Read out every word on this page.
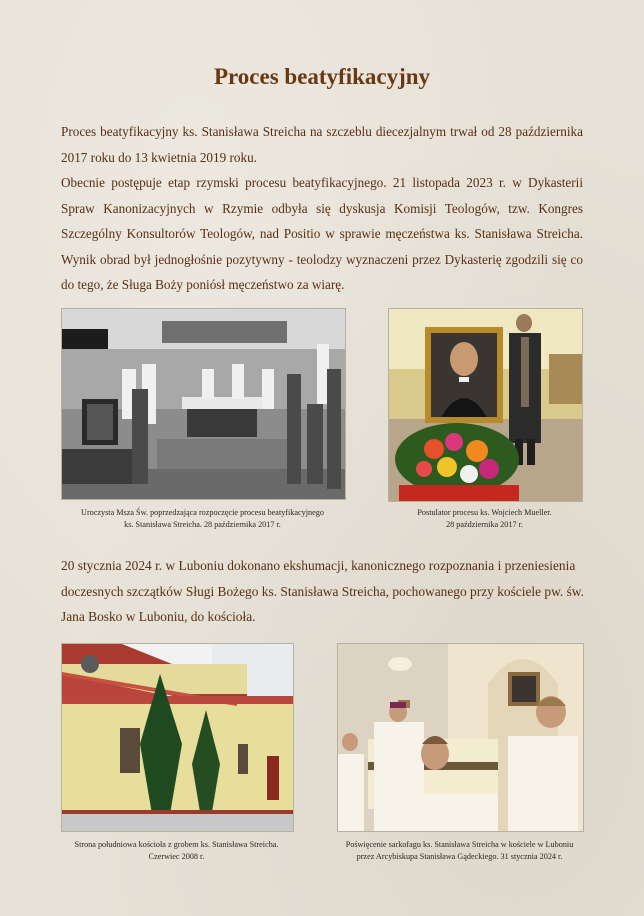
Proces beatyfikacyjny

Proces beatyfikacyjny ks. Stanisława Streicha na szczeblu diecezjalnym trwał od 28 października 2017 roku do 13 kwietnia 2019 roku.

Obecnie postępuje etap rzymski procesu beatyfikacyjnego. 21 listopada 2023 r. w Dykasterii Spraw Kanonizacyjnych w Rzymie odbyła się dyskusja Komisji Teologów, tzw. Kongres Szczególny Konsultorów Teologów, nad Positio w sprawie męczeństwa ks. Stanisława Streicha. Wynik obrad był jednogłośnie pozytywny - teolodzy wyznaczeni przez Dykasterię zgodzili się co do tego, że Sługa Boży poniósł męczeństwo za wiarę.

Uroczysta Msza Św. poprzedzająca rozpoczęcie procesu beatyfikacyjnego
ks. Stanisława Streicha. 28 października 2017 r.

Postulator procesu ks. Wojciech Mueller.
28 października 2017 r.

20 stycznia 2024 r. w Luboniu dokonano ekshumacji, kanonicznego rozpoznania i przeniesienia doczesnych szczątków Sługi Bożego ks. Stanisława Streicha, pochowanego przy kościele pw. św. Jana Bosko w Luboniu, do kościoła.

Strona południowa kościoła z grobem ks. Stanisława Streicha.
Czerwiec 2008 r.

Poświęcenie sarkofagu ks. Stanisława Streicha w kościele w Luboniu
przez Arcybiskupa Stanisława Gądeckiego. 31 stycznia 2024 r.
